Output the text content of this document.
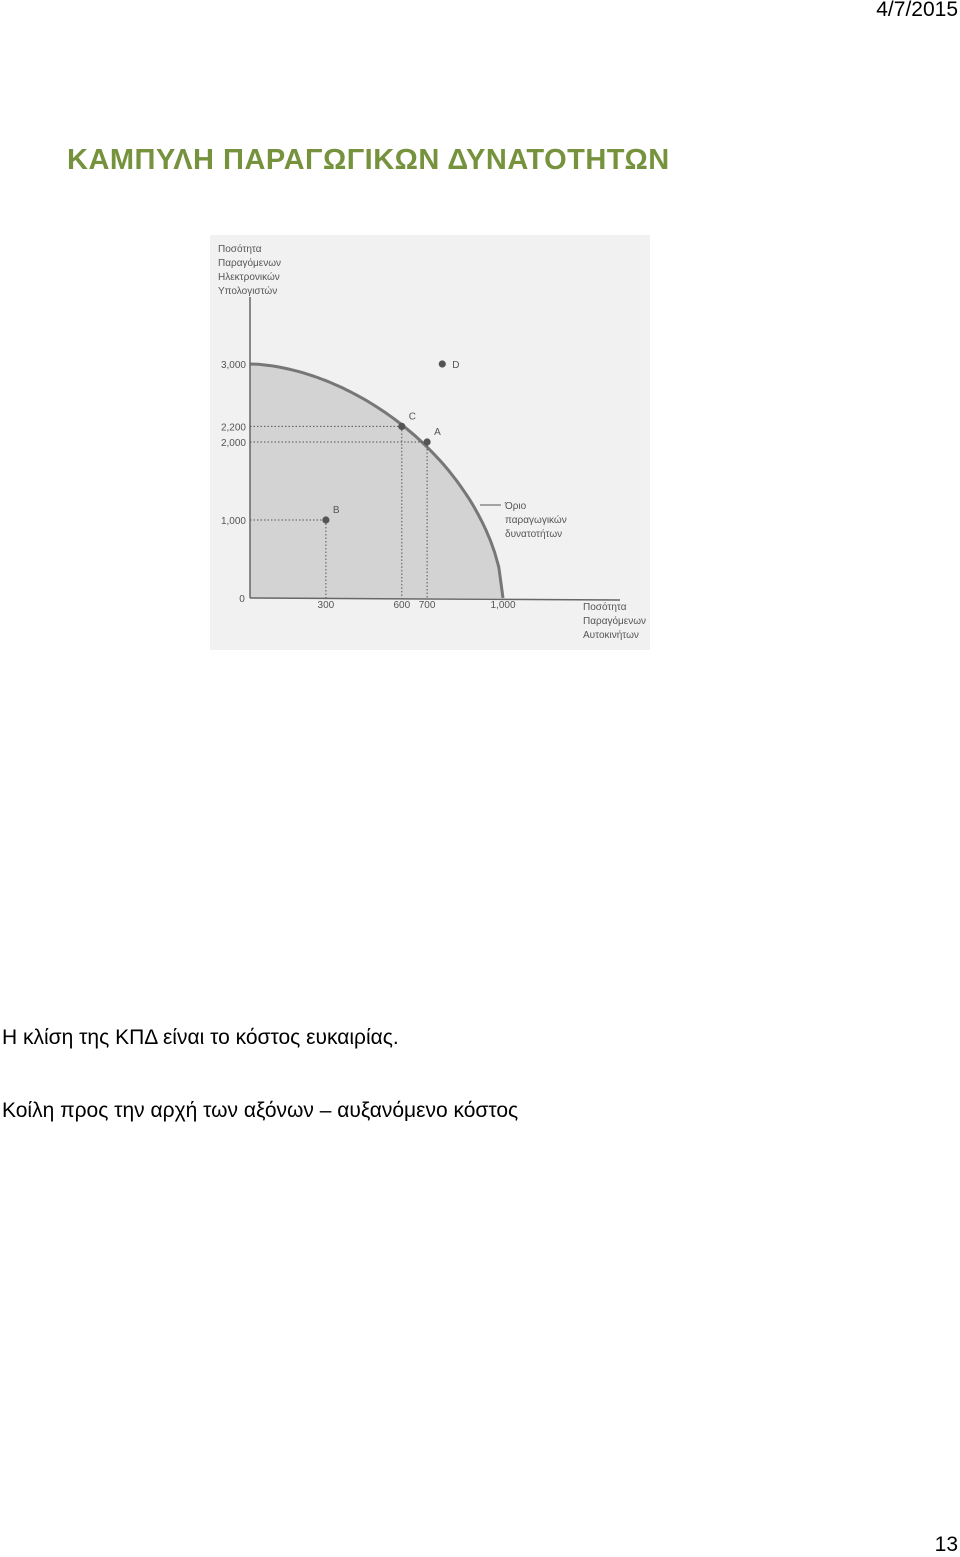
4/7/2015
ΚΑΜΠΥΛΗ ΠΑΡΑΓΩΓΙΚΩΝ ΔΥΝΑΤΟΤΗΤΩΝ
A
B
C
D
0
300	600 700	1,000
1,000
2,000
2,200
3,000
Ποσότητα
Παραγόμενων
Ηλεκτρονικών
Υπολογιστών
Ποσότητα
Παραγόμενων
Αυτοκινήτων
Όριο
παραγωγικών
δυνατοτήτων
Η κλίση της ΚΠΔ είναι το κόστος ευκαιρίας.
Κοίλη προς την αρχή των αξόνων – αυξανόμενο κόστος
13
